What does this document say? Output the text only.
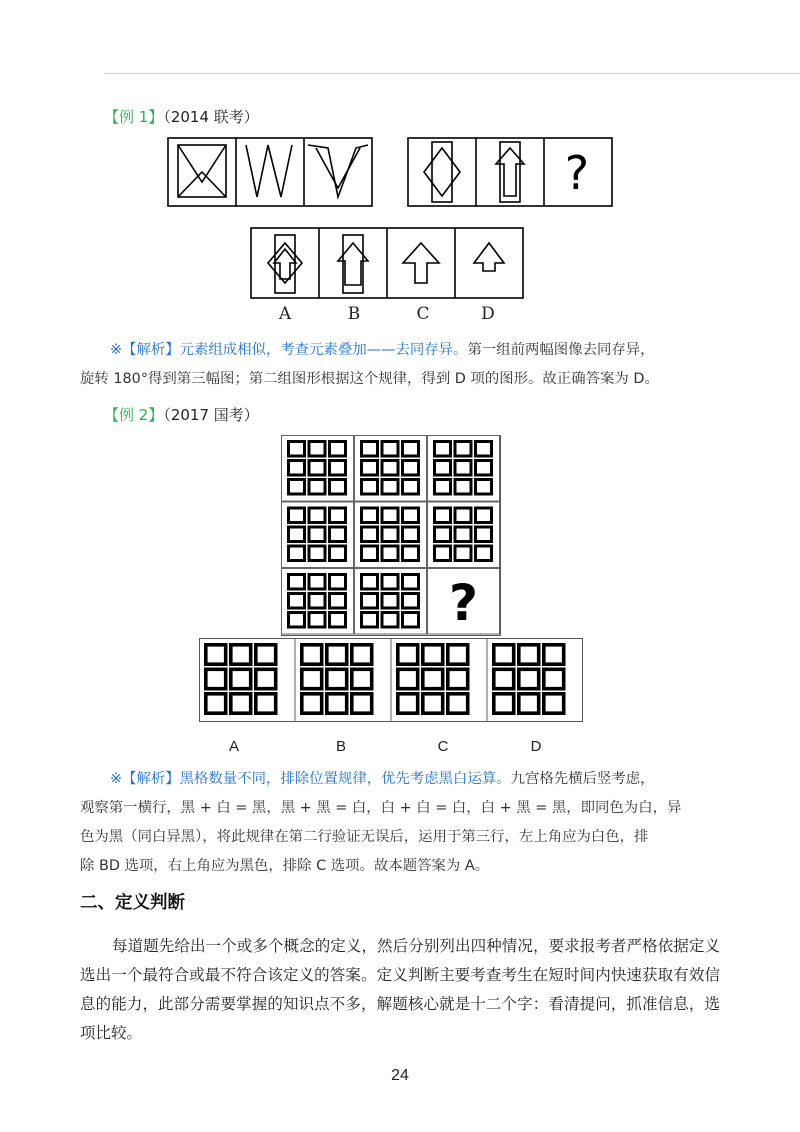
【例 1】（2014 联考）
?
A	B	C	D
※【解析】元素组成相似，考查元素叠加——去同存异。第一组前两幅图像去同存异，
旋转 180°得到第三幅图；第二组图形根据这个规律，得到 D 项的图形。故正确答案为 D。
【例 2】（2017 国考）
?
A	B	C	D
※【解析】黑格数量不同，排除位置规律，优先考虑黑白运算。九宫格先横后竖考虑，
观察第一横行，黑 + 白 = 黑，黑 + 黑 = 白，白 + 白 = 白，白 + 黑 = 黑，即同色为白，异
色为黑（同白异黑），将此规律在第二行验证无误后，运用于第三行，左上角应为白色，排
除 BD 选项，右上角应为黑色，排除 C 选项。故本题答案为 A。
二、定义判断
每道题先给出一个或多个概念的定义，然后分别列出四种情况，要求报考者严格依据定义选出一个最符合或最不符合该定义的答案。定义判断主要考查考生在短时间内快速获取有效信息的能力，此部分需要掌握的知识点不多，解题核心就是十二个字：看清提问，抓准信息，选项比较。
24
